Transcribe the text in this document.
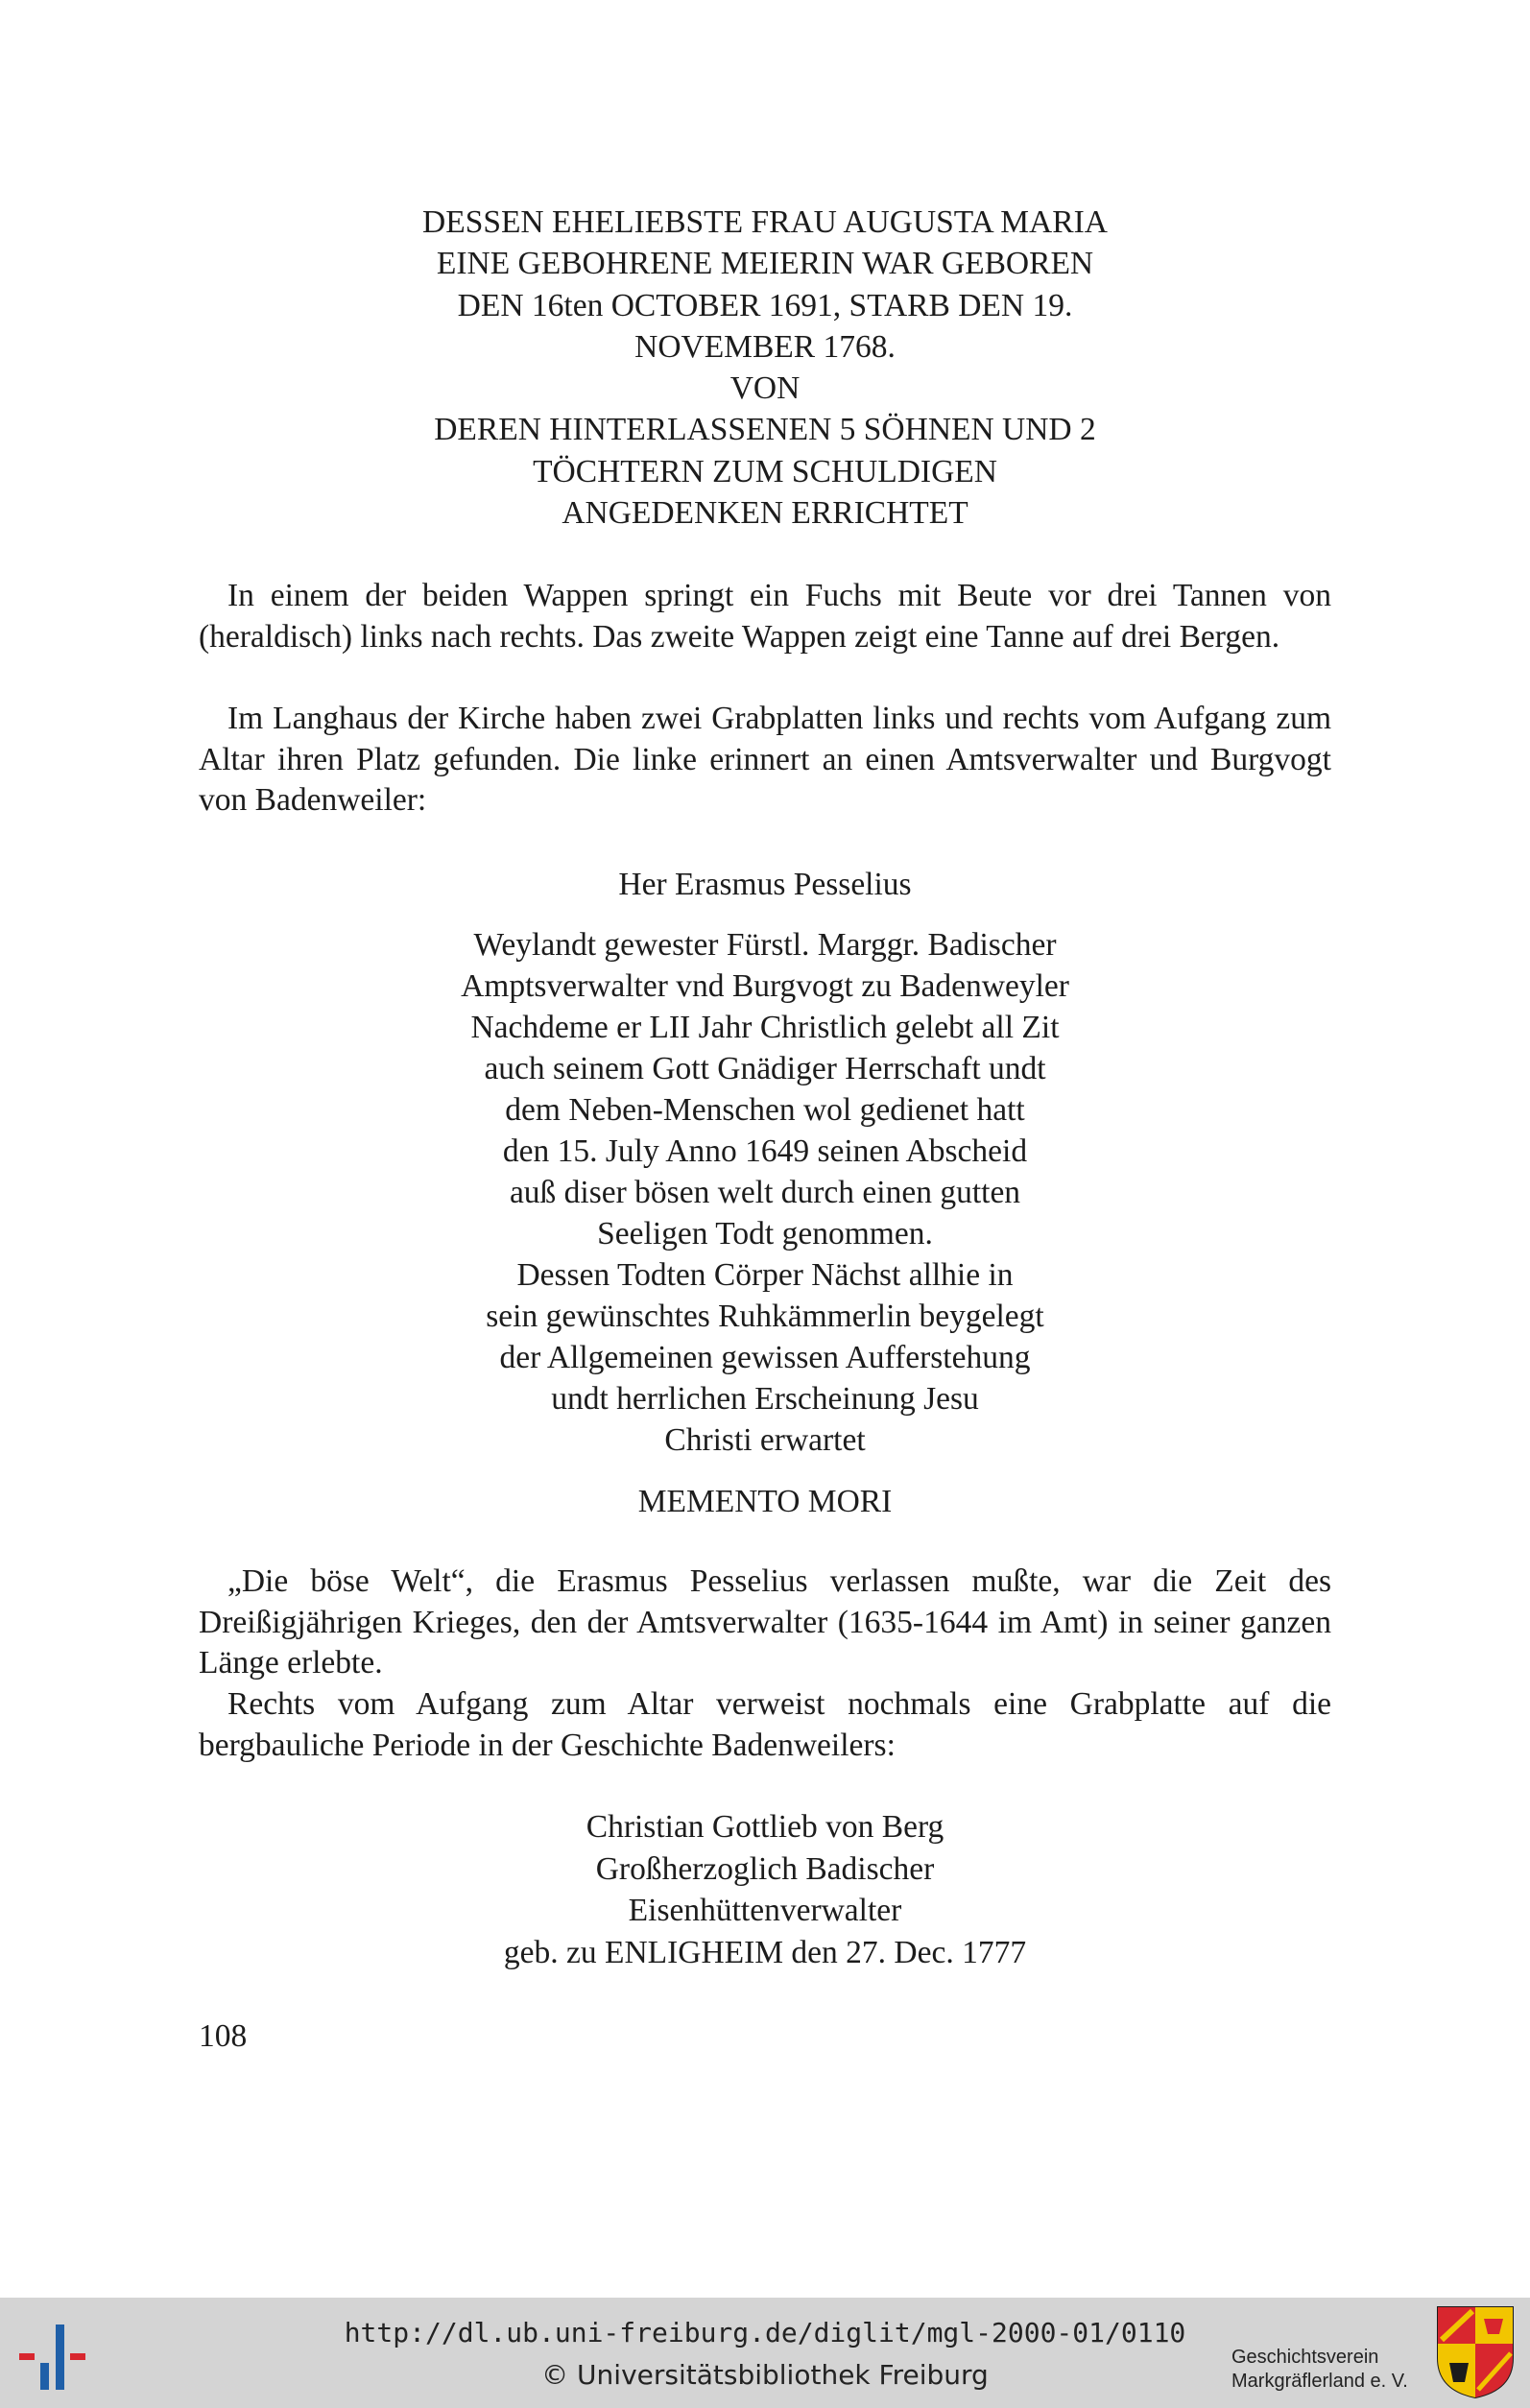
DESSEN EHELIEBSTE FRAU AUGUSTA MARIA
EINE GEBOHRENE MEIERIN WAR GEBOREN
DEN 16ten OCTOBER 1691, STARB DEN 19.
NOVEMBER 1768.
VON
DEREN HINTERLASSENEN 5 SÖHNEN UND 2
TÖCHTERN ZUM SCHULDIGEN
ANGEDENKEN ERRICHTET

In einem der beiden Wappen springt ein Fuchs mit Beute vor drei Tannen von (heraldisch) links nach rechts. Das zweite Wappen zeigt eine Tanne auf drei Bergen.

Im Langhaus der Kirche haben zwei Grabplatten links und rechts vom Aufgang zum Altar ihren Platz gefunden. Die linke erinnert an einen Amtsverwalter und Burgvogt von Badenweiler:

Her Erasmus Pesselius
Weylandt gewester Fürstl. Marggr. Badischer
Amptsverwalter vnd Burgvogt zu Badenweyler
Nachdeme er LII Jahr Christlich gelebt all Zit
auch seinem Gott Gnädiger Herrschaft undt
dem Neben-Menschen wol gedienet hatt
den 15. July Anno 1649 seinen Abscheid
auß diser bösen welt durch einen gutten
Seeligen Todt genommen.
Dessen Todten Cörper Nächst allhie in
sein gewünschtes Ruhkämmerlin beygelegt
der Allgemeinen gewissen Aufferstehung
undt herrlichen Erscheinung Jesu
Christi erwartet
MEMENTO MORI

„Die böse Welt“, die Erasmus Pesselius verlassen mußte, war die Zeit des Dreißigjährigen Krieges, den der Amtsverwalter (1635-1644 im Amt) in seiner ganzen Länge erlebte.

Rechts vom Aufgang zum Altar verweist nochmals eine Grabplatte auf die bergbauliche Periode in der Geschichte Badenweilers:

Christian Gottlieb von Berg
Großherzoglich Badischer
Eisenhüttenverwalter
geb. zu ENLIGHEIM den 27. Dec. 1777
108
http://dl.ub.uni-freiburg.de/diglit/mgl-2000-01/0110
© Universitätsbibliothek Freiburg
Geschichtsverein
Markgräflerland e. V.
